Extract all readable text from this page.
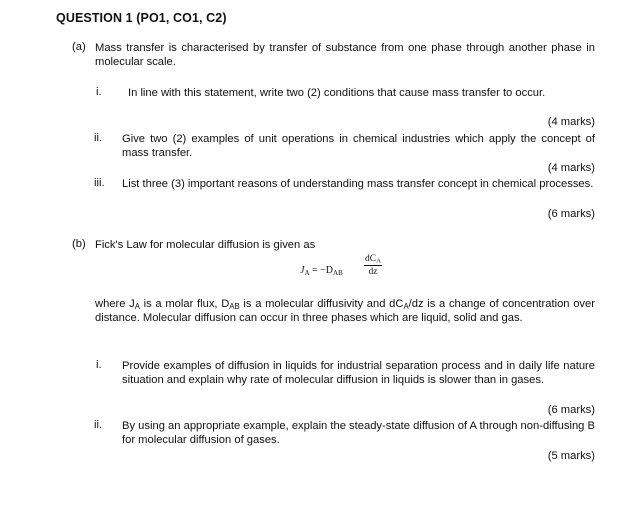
QUESTION 1 (PO1, CO1, C2)
(a) Mass transfer is characterised by transfer of substance from one phase through another phase in molecular scale.
i. In line with this statement, write two (2) conditions that cause mass transfer to occur.
(4 marks)
ii. Give two (2) examples of unit operations in chemical industries which apply the concept of mass transfer.
(4 marks)
iii. List three (3) important reasons of understanding mass transfer concept in chemical processes.
(6 marks)
(b) Fick's Law for molecular diffusion is given as
$J_A = -D_{AB}$
$dC_A$
dz
where $J_A$ is a molar flux, $D_{AB}$ is a molecular diffusivity and $dC_A/dz$ is a change of concentration over distance. Molecular diffusion can occur in three phases which are liquid, solid and gas.
i. Provide examples of diffusion in liquids for industrial separation process and in daily life nature situation and explain why rate of molecular diffusion in liquids is slower than in gases.
(6 marks)
ii. By using an appropriate example, explain the steady-state diffusion of A through non-diffusing B for molecular diffusion of gases.
(5 marks)
